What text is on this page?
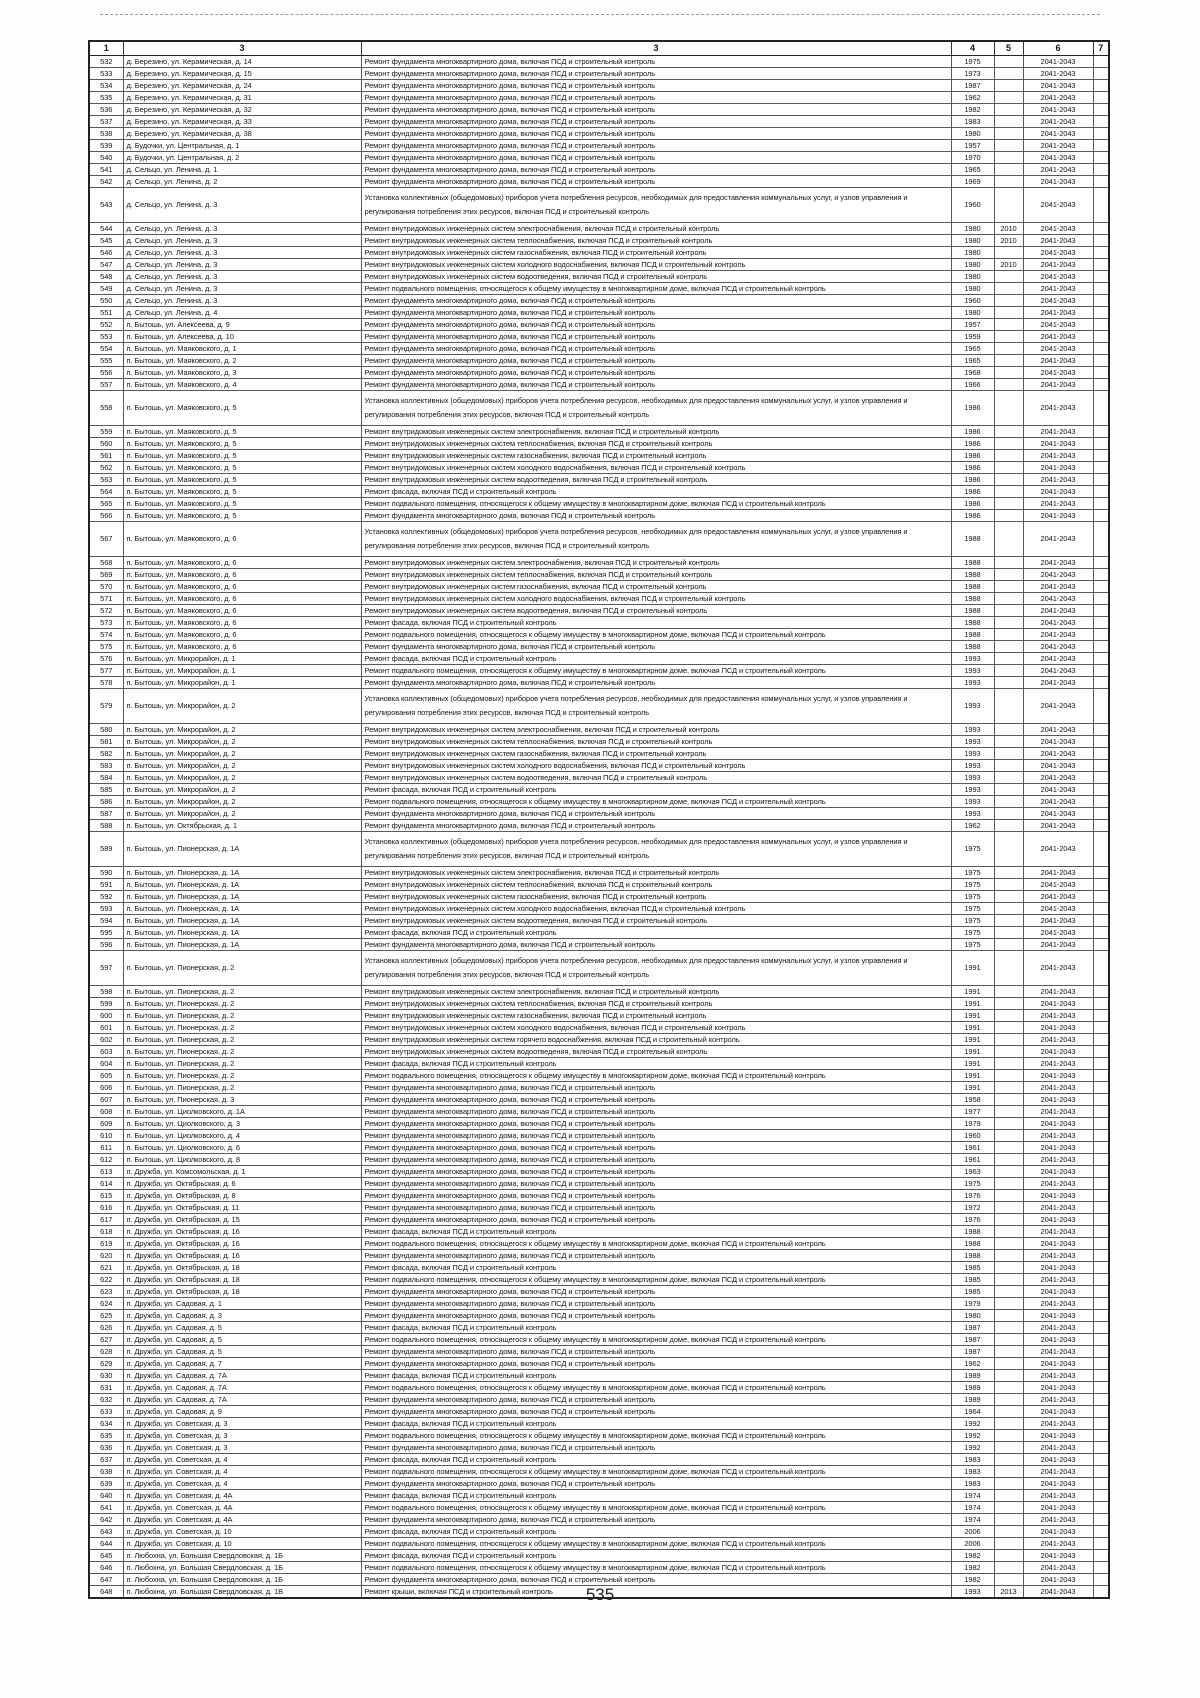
1	3	3	4	5	6	7
532	д. Березино, ул. Керамическая, д. 14	Ремонт фундамента многоквартирного дома, включая ПСД и строительный контроль	1975		2041-2043	
533	д. Березино, ул. Керамическая, д. 15	Ремонт фундамента многоквартирного дома, включая ПСД и строительный контроль	1973		2041-2043	
534	д. Березино, ул. Керамическая, д. 24	Ремонт фундамента многоквартирного дома, включая ПСД и строительный контроль	1987		2041-2043	
535	д. Березино, ул. Керамическая, д. 31	Ремонт фундамента многоквартирного дома, включая ПСД и строительный контроль	1962		2041-2043	
536	д. Березино, ул. Керамическая, д. 32	Ремонт фундамента многоквартирного дома, включая ПСД и строительный контроль	1982		2041-2043	
537	д. Березино, ул. Керамическая, д. 33	Ремонт фундамента многоквартирного дома, включая ПСД и строительный контроль	1983		2041-2043	
538	д. Березино, ул. Керамическая, д. 38	Ремонт фундамента многоквартирного дома, включая ПСД и строительный контроль	1980		2041-2043	
539	д. Будочки, ул. Центральная, д. 1	Ремонт фундамента многоквартирного дома, включая ПСД и строительный контроль	1957		2041-2043	
540	д. Будочки, ул. Центральная, д. 2	Ремонт фундамента многоквартирного дома, включая ПСД и строительный контроль	1970		2041-2043	
541	д. Сельцо, ул. Ленина, д. 1	Ремонт фундамента многоквартирного дома, включая ПСД и строительный контроль	1965		2041-2043	
542	д. Сельцо, ул. Ленина, д. 2	Ремонт фундамента многоквартирного дома, включая ПСД и строительный контроль	1969		2041-2043	
543	д. Сельцо, ул. Ленина, д. 3	Установка коллективных (общедомовых) приборов учета потребления ресурсов, необходимых для предоставления коммунальных услуг, и узлов управления и регулирования потребления этих ресурсов, включая ПСД и строительный контроль	1960		2041-2043	
544	д. Сельцо, ул. Ленина, д. 3	Ремонт внутридомовых инженерных систем электроснабжения, включая ПСД и строительный контроль	1980	2010	2041-2043	
545	д. Сельцо, ул. Ленина, д. 3	Ремонт внутридомовых инженерных систем теплоснабжения, включая ПСД и строительный контроль	1980	2010	2041-2043	
546	д. Сельцо, ул. Ленина, д. 3	Ремонт внутридомовых инженерных систем газоснабжения, включая ПСД и строительный контроль	1980		2041-2043	
547	д. Сельцо, ул. Ленина, д. 3	Ремонт внутридомовых инженерных систем холодного водоснабжения, включая ПСД и строительный контроль	1980	2010	2041-2043	
548	д. Сельцо, ул. Ленина, д. 3	Ремонт внутридомовых инженерных систем водоотведения, включая ПСД и строительный контроль	1980		2041-2043	
549	д. Сельцо, ул. Ленина, д. 3	Ремонт подвального помещения, относящегося к общему имуществу в многоквартирном доме, включая ПСД и строительный контроль	1980		2041-2043	
550	д. Сельцо, ул. Ленина, д. 3	Ремонт фундамента многоквартирного дома, включая ПСД и строительный контроль	1960		2041-2043	
551	д. Сельцо, ул. Ленина, д. 4	Ремонт фундамента многоквартирного дома, включая ПСД и строительный контроль	1980		2041-2043	
552	п. Бытошь, ул. Алексеева, д. 9	Ремонт фундамента многоквартирного дома, включая ПСД и строительный контроль	1957		2041-2043	
553	п. Бытошь, ул. Алексеева, д. 10	Ремонт фундамента многоквартирного дома, включая ПСД и строительный контроль	1959		2041-2043	
554	п. Бытошь, ул. Маяковского, д. 1	Ремонт фундамента многоквартирного дома, включая ПСД и строительный контроль	1965		2041-2043	
555	п. Бытошь, ул. Маяковского, д. 2	Ремонт фундамента многоквартирного дома, включая ПСД и строительный контроль	1965		2041-2043	
556	п. Бытошь, ул. Маяковского, д. 3	Ремонт фундамента многоквартирного дома, включая ПСД и строительный контроль	1968		2041-2043	
557	п. Бытошь, ул. Маяковского, д. 4	Ремонт фундамента многоквартирного дома, включая ПСД и строительный контроль	1966		2041-2043	
558	п. Бытошь, ул. Маяковского, д. 5	Установка коллективных (общедомовых) приборов учета потребления ресурсов, необходимых для предоставления коммунальных услуг, и узлов управления и регулирования потребления этих ресурсов, включая ПСД и строительный контроль	1986		2041-2043	
559	п. Бытошь, ул. Маяковского, д. 5	Ремонт внутридомовых инженерных систем электроснабжения, включая ПСД и строительный контроль	1986		2041-2043	
560	п. Бытошь, ул. Маяковского, д. 5	Ремонт внутридомовых инженерных систем теплоснабжения, включая ПСД и строительный контроль	1986		2041-2043	
561	п. Бытошь, ул. Маяковского, д. 5	Ремонт внутридомовых инженерных систем газоснабжения, включая ПСД и строительный контроль	1986		2041-2043	
562	п. Бытошь, ул. Маяковского, д. 5	Ремонт внутридомовых инженерных систем холодного водоснабжения, включая ПСД и строительный контроль	1986		2041-2043	
563	п. Бытошь, ул. Маяковского, д. 5	Ремонт внутридомовых инженерных систем водоотведения, включая ПСД и строительный контроль	1986		2041-2043	
564	п. Бытошь, ул. Маяковского, д. 5	Ремонт фасада, включая ПСД и строительный контроль	1986		2041-2043	
565	п. Бытошь, ул. Маяковского, д. 5	Ремонт подвального помещения, относящегося к общему имуществу в многоквартирном доме, включая ПСД и строительный контроль	1986		2041-2043	
566	п. Бытошь, ул. Маяковского, д. 5	Ремонт фундамента многоквартирного дома, включая ПСД и строительный контроль	1986		2041-2043	
567	п. Бытошь, ул. Маяковского, д. 6	Установка коллективных (общедомовых) приборов учета потребления ресурсов, необходимых для предоставления коммунальных услуг, и узлов управления и регулирования потребления этих ресурсов, включая ПСД и строительный контроль	1988		2041-2043	
568	п. Бытошь, ул. Маяковского, д. 6	Ремонт внутридомовых инженерных систем электроснабжения, включая ПСД и строительный контроль	1988		2041-2043	
569	п. Бытошь, ул. Маяковского, д. 6	Ремонт внутридомовых инженерных систем теплоснабжения, включая ПСД и строительный контроль	1988		2041-2043	
570	п. Бытошь, ул. Маяковского, д. 6	Ремонт внутридомовых инженерных систем газоснабжения, включая ПСД и строительный контроль	1988		2041-2043	
571	п. Бытошь, ул. Маяковского, д. 6	Ремонт внутридомовых инженерных систем холодного водоснабжения, включая ПСД и строительный контроль	1988		2041-2043	
572	п. Бытошь, ул. Маяковского, д. 6	Ремонт внутридомовых инженерных систем водоотведения, включая ПСД и строительный контроль	1988		2041-2043	
573	п. Бытошь, ул. Маяковского, д. 6	Ремонт фасада, включая ПСД и строительный контроль	1988		2041-2043	
574	п. Бытошь, ул. Маяковского, д. 6	Ремонт подвального помещения, относящегося к общему имуществу в многоквартирном доме, включая ПСД и строительный контроль	1988		2041-2043	
575	п. Бытошь, ул. Маяковского, д. 6	Ремонт фундамента многоквартирного дома, включая ПСД и строительный контроль	1988		2041-2043	
576	п. Бытошь, ул. Микрорайон, д. 1	Ремонт фасада, включая ПСД и строительный контроль	1993		2041-2043	
577	п. Бытошь, ул. Микрорайон, д. 1	Ремонт подвального помещения, относящегося к общему имуществу в многоквартирном доме, включая ПСД и строительный контроль	1993		2041-2043	
578	п. Бытошь, ул. Микрорайон, д. 1	Ремонт фундамента многоквартирного дома, включая ПСД и строительный контроль	1993		2041-2043	
579	п. Бытошь, ул. Микрорайон, д. 2	Установка коллективных (общедомовых) приборов учета потребления ресурсов, необходимых для предоставления коммунальных услуг, и узлов управления и регулирования потребления этих ресурсов, включая ПСД и строительный контроль	1993		2041-2043	
580	п. Бытошь, ул. Микрорайон, д. 2	Ремонт внутридомовых инженерных систем электроснабжения, включая ПСД и строительный контроль	1993		2041-2043	
581	п. Бытошь, ул. Микрорайон, д. 2	Ремонт внутридомовых инженерных систем теплоснабжения, включая ПСД и строительный контроль	1993		2041-2043	
582	п. Бытошь, ул. Микрорайон, д. 2	Ремонт внутридомовых инженерных систем газоснабжения, включая ПСД и строительный контроль	1993		2041-2043	
583	п. Бытошь, ул. Микрорайон, д. 2	Ремонт внутридомовых инженерных систем холодного водоснабжения, включая ПСД и строительный контроль	1993		2041-2043	
584	п. Бытошь, ул. Микрорайон, д. 2	Ремонт внутридомовых инженерных систем водоотведения, включая ПСД и строительный контроль	1993		2041-2043	
585	п. Бытошь, ул. Микрорайон, д. 2	Ремонт фасада, включая ПСД и строительный контроль	1993		2041-2043	
586	п. Бытошь, ул. Микрорайон, д. 2	Ремонт подвального помещения, относящегося к общему имуществу в многоквартирном доме, включая ПСД и строительный контроль	1993		2041-2043	
587	п. Бытошь, ул. Микрорайон, д. 2	Ремонт фундамента многоквартирного дома, включая ПСД и строительный контроль	1993		2041-2043	
588	п. Бытошь, ул. Октябрьская, д. 1	Ремонт фундамента многоквартирного дома, включая ПСД и строительный контроль	1962		2041-2043	
589	п. Бытошь, ул. Пионерская, д. 1А	Установка коллективных (общедомовых) приборов учета потребления ресурсов, необходимых для предоставления коммунальных услуг, и узлов управления и регулирования потребления этих ресурсов, включая ПСД и строительный контроль	1975		2041-2043	
590	п. Бытошь, ул. Пионерская, д. 1А	Ремонт внутридомовых инженерных систем электроснабжения, включая ПСД и строительный контроль	1975		2041-2043	
591	п. Бытошь, ул. Пионерская, д. 1А	Ремонт внутридомовых инженерных систем теплоснабжения, включая ПСД и строительный контроль	1975		2041-2043	
592	п. Бытошь, ул. Пионерская, д. 1А	Ремонт внутридомовых инженерных систем газоснабжения, включая ПСД и строительный контроль	1975		2041-2043	
593	п. Бытошь, ул. Пионерская, д. 1А	Ремонт внутридомовых инженерных систем холодного водоснабжения, включая ПСД и строительный контроль	1975		2041-2043	
594	п. Бытошь, ул. Пионерская, д. 1А	Ремонт внутридомовых инженерных систем водоотведения, включая ПСД и строительный контроль	1975		2041-2043	
595	п. Бытошь, ул. Пионерская, д. 1А	Ремонт фасада, включая ПСД и строительный контроль	1975		2041-2043	
596	п. Бытошь, ул. Пионерская, д. 1А	Ремонт фундамента многоквартирного дома, включая ПСД и строительный контроль	1975		2041-2043	
597	п. Бытошь, ул. Пионерская, д. 2	Установка коллективных (общедомовых) приборов учета потребления ресурсов, необходимых для предоставления коммунальных услуг, и узлов управления и регулирования потребления этих ресурсов, включая ПСД и строительный контроль	1991		2041-2043	
598	п. Бытошь, ул. Пионерская, д. 2	Ремонт внутридомовых инженерных систем электроснабжения, включая ПСД и строительный контроль	1991		2041-2043	
599	п. Бытошь, ул. Пионерская, д. 2	Ремонт внутридомовых инженерных систем теплоснабжения, включая ПСД и строительный контроль	1991		2041-2043	
600	п. Бытошь, ул. Пионерская, д. 2	Ремонт внутридомовых инженерных систем газоснабжения, включая ПСД и строительный контроль	1991		2041-2043	
601	п. Бытошь, ул. Пионерская, д. 2	Ремонт внутридомовых инженерных систем холодного водоснабжения, включая ПСД и строительный контроль	1991		2041-2043	
602	п. Бытошь, ул. Пионерская, д. 2	Ремонт внутридомовых инженерных систем горячего водоснабжения, включая ПСД и строительный контроль	1991		2041-2043	
603	п. Бытошь, ул. Пионерская, д. 2	Ремонт внутридомовых инженерных систем водоотведения, включая ПСД и строительный контроль	1991		2041-2043	
604	п. Бытошь, ул. Пионерская, д. 2	Ремонт фасада, включая ПСД и строительный контроль	1991		2041-2043	
605	п. Бытошь, ул. Пионерская, д. 2	Ремонт подвального помещения, относящегося к общему имуществу в многоквартирном доме, включая ПСД и строительный контроль	1991		2041-2043	
606	п. Бытошь, ул. Пионерская, д. 2	Ремонт фундамента многоквартирного дома, включая ПСД и строительный контроль	1991		2041-2043	
607	п. Бытошь, ул. Пионерская, д. 3	Ремонт фундамента многоквартирного дома, включая ПСД и строительный контроль	1958		2041-2043	
608	п. Бытошь, ул. Циолковского, д. 1А	Ремонт фундамента многоквартирного дома, включая ПСД и строительный контроль	1977		2041-2043	
609	п. Бытошь, ул. Циолковского, д. 3	Ремонт фундамента многоквартирного дома, включая ПСД и строительный контроль	1979		2041-2043	
610	п. Бытошь, ул. Циолковского, д. 4	Ремонт фундамента многоквартирного дома, включая ПСД и строительный контроль	1960		2041-2043	
611	п. Бытошь, ул. Циолковского, д. 6	Ремонт фундамента многоквартирного дома, включая ПСД и строительный контроль	1961		2041-2043	
612	п. Бытошь, ул. Циолковского, д. 8	Ремонт фундамента многоквартирного дома, включая ПСД и строительный контроль	1961		2041-2043	
613	п. Дружба, ул. Комсомольская, д. 1	Ремонт фундамента многоквартирного дома, включая ПСД и строительный контроль	1963		2041-2043	
614	п. Дружба, ул. Октябрьская, д. 6	Ремонт фундамента многоквартирного дома, включая ПСД и строительный контроль	1975		2041-2043	
615	п. Дружба, ул. Октябрьская, д. 8	Ремонт фундамента многоквартирного дома, включая ПСД и строительный контроль	1976		2041-2043	
616	п. Дружба, ул. Октябрьская, д. 11	Ремонт фундамента многоквартирного дома, включая ПСД и строительный контроль	1972		2041-2043	
617	п. Дружба, ул. Октябрьская, д. 15	Ремонт фундамента многоквартирного дома, включая ПСД и строительный контроль	1976		2041-2043	
618	п. Дружба, ул. Октябрьская, д. 16	Ремонт фасада, включая ПСД и строительный контроль	1988		2041-2043	
619	п. Дружба, ул. Октябрьская, д. 16	Ремонт подвального помещения, относящегося к общему имуществу в многоквартирном доме, включая ПСД и строительный контроль	1988		2041-2043	
620	п. Дружба, ул. Октябрьская, д. 16	Ремонт фундамента многоквартирного дома, включая ПСД и строительный контроль	1988		2041-2043	
621	п. Дружба, ул. Октябрьская, д. 18	Ремонт фасада, включая ПСД и строительный контроль	1985		2041-2043	
622	п. Дружба, ул. Октябрьская, д. 18	Ремонт подвального помещения, относящегося к общему имуществу в многоквартирном доме, включая ПСД и строительный контроль	1985		2041-2043	
623	п. Дружба, ул. Октябрьская, д. 18	Ремонт фундамента многоквартирного дома, включая ПСД и строительный контроль	1985		2041-2043	
624	п. Дружба, ул. Садовая, д. 1	Ремонт фундамента многоквартирного дома, включая ПСД и строительный контроль	1979		2041-2043	
625	п. Дружба, ул. Садовая, д. 3	Ремонт фундамента многоквартирного дома, включая ПСД и строительный контроль	1980		2041-2043	
626	п. Дружба, ул. Садовая, д. 5	Ремонт фасада, включая ПСД и строительный контроль	1987		2041-2043	
627	п. Дружба, ул. Садовая, д. 5	Ремонт подвального помещения, относящегося к общему имуществу в многоквартирном доме, включая ПСД и строительный контроль	1987		2041-2043	
628	п. Дружба, ул. Садовая, д. 5	Ремонт фундамента многоквартирного дома, включая ПСД и строительный контроль	1987		2041-2043	
629	п. Дружба, ул. Садовая, д. 7	Ремонт фундамента многоквартирного дома, включая ПСД и строительный контроль	1962		2041-2043	
630	п. Дружба, ул. Садовая, д. 7А	Ремонт фасада, включая ПСД и строительный контроль	1989		2041-2043	
631	п. Дружба, ул. Садовая, д. 7А	Ремонт подвального помещения, относящегося к общему имуществу в многоквартирном доме, включая ПСД и строительный контроль	1989		2041-2043	
632	п. Дружба, ул. Садовая, д. 7А	Ремонт фундамента многоквартирного дома, включая ПСД и строительный контроль	1989		2041-2043	
633	п. Дружба, ул. Садовая, д. 9	Ремонт фундамента многоквартирного дома, включая ПСД и строительный контроль	1964		2041-2043	
634	п. Дружба, ул. Советская, д. 3	Ремонт фасада, включая ПСД и строительный контроль	1992		2041-2043	
635	п. Дружба, ул. Советская, д. 3	Ремонт подвального помещения, относящегося к общему имуществу в многоквартирном доме, включая ПСД и строительный контроль	1992		2041-2043	
636	п. Дружба, ул. Советская, д. 3	Ремонт фундамента многоквартирного дома, включая ПСД и строительный контроль	1992		2041-2043	
637	п. Дружба, ул. Советская, д. 4	Ремонт фасада, включая ПСД и строительный контроль	1983		2041-2043	
638	п. Дружба, ул. Советская, д. 4	Ремонт подвального помещения, относящегося к общему имуществу в многоквартирном доме, включая ПСД и строительный контроль	1983		2041-2043	
639	п. Дружба, ул. Советская, д. 4	Ремонт фундамента многоквартирного дома, включая ПСД и строительный контроль	1983		2041-2043	
640	п. Дружба, ул. Советская, д. 4А	Ремонт фасада, включая ПСД и строительный контроль	1974		2041-2043	
641	п. Дружба, ул. Советская, д. 4А	Ремонт подвального помещения, относящегося к общему имуществу в многоквартирном доме, включая ПСД и строительный контроль	1974		2041-2043	
642	п. Дружба, ул. Советская, д. 4А	Ремонт фундамента многоквартирного дома, включая ПСД и строительный контроль	1974		2041-2043	
643	п. Дружба, ул. Советская, д. 10	Ремонт фасада, включая ПСД и строительный контроль	2006		2041-2043	
644	п. Дружба, ул. Советская, д. 10	Ремонт подвального помещения, относящегося к общему имуществу в многоквартирном доме, включая ПСД и строительный контроль	2006		2041-2043	
645	п. Любохна, ул. Большая Свердловская, д. 1Б	Ремонт фасада, включая ПСД и строительный контроль	1982		2041-2043	
646	п. Любохна, ул. Большая Свердловская, д. 1Б	Ремонт подвального помещения, относящегося к общему имуществу в многоквартирном доме, включая ПСД и строительный контроль	1982		2041-2043	
647	п. Любохна, ул. Большая Свердловская, д. 1Б	Ремонт фундамента многоквартирного дома, включая ПСД и строительный контроль	1982		2041-2043	
648	п. Любохна, ул. Большая Свердловская, д. 1В	Ремонт крыши, включая ПСД и строительный контроль	1993	2013	2041-2043	
535
